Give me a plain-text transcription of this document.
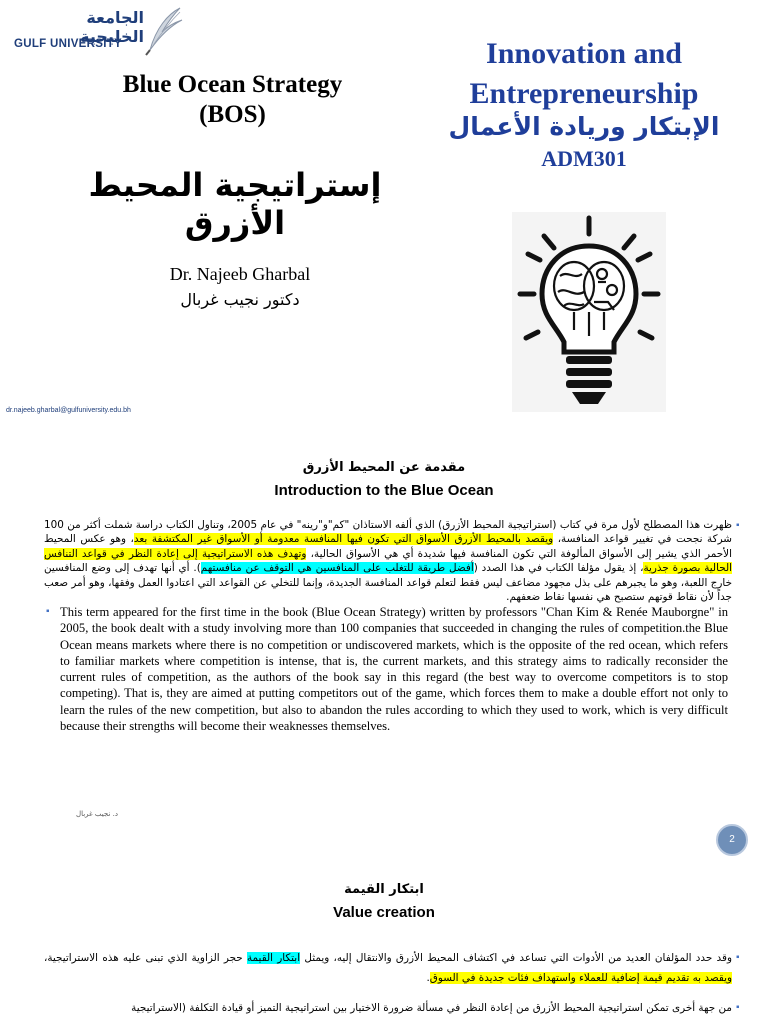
الجامعة الخليجية
GULF UNIVERSITY
Blue Ocean Strategy
(BOS)
إستراتيجية المحيط الأزرق
Dr. Najeeb Gharbal
دكتور نجيب غربال
dr.najeeb.gharbal@gulfuniversity.edu.bh
Innovation and
Entrepreneurship
الإبتكار وريادة الأعمال
ADM301
مقدمة عن المحيط الأزرق
Introduction to the Blue Ocean
▪

ظهرت هذا المصطلح لأول مرة في كتاب (استراتيجية المحيط الأزرق) الذي ألفه الاستاذان "كم"و"رينه" في عام 2005، وتناول الكتاب دراسة شملت أكثر من 100 شركة نجحت في تغيير قواعد المنافسة، ويقصد بالمحيط الأزرق الأسواق التي تكون فيها المنافسة معدومة أو الأسواق غير المكتشفة بعد، وهو عكس المحيط الأحمر الذي يشير إلى الأسواق المألوفة التي تكون المنافسة فيها شديدة أي هي الأسواق الحالية، وتهدف هذه الاستراتيجية إلى إعادة النظر في قواعد التنافس الحالية بصورة جذرية، إذ يقول مؤلفا الكتاب في هذا الصدد (أفضل طريقة للتغلب على المنافسين هي التوقف عن منافستهم). أي أنها تهدف إلى وضع المنافسين خارج اللعبة، وهو ما يجبرهم على بذل مجهود مضاعف ليس فقط لتعلم قواعد المنافسة الجديدة، وإنما للتخلي عن القواعد التي اعتادوا العمل وفقها، وهو أمر صعب جداً لأن نقاط قوتهم ستصبح هي نفسها نقاط ضعفهم.

▪ This term appeared for the first time in the book (Blue Ocean Strategy) written by professors "Chan Kim & Renée Mauborgne" in 2005, the book dealt with a study involving more than 100 companies that succeeded in changing the rules of competition.the Blue Ocean means markets where there is no competition or undiscovered markets, which is the opposite of the red ocean, which refers to familiar markets where competition is intense, that is, the current markets, and this strategy aims to radically reconsider the current rules of competition, as the authors of the book say in this regard (the best way to overcome competitors is to stop competing). That is, they are aimed at putting competitors out of the game, which forces them to make a double effort not only to learn the rules of the new competition, but also to abandon the rules according to which they used to work, which is very difficult because their strengths will become their weaknesses themselves.

د. نجيب غربال
2
ابتكار القيمة
Value creation
▪

وقد حدد المؤلفان العديد من الأدوات التي تساعد في اكتشاف المحيط الأزرق والانتقال إليه، ويمثل ابتكار القيمة حجر الزاوية الذي تبنى عليه هذه الاستراتيجية، ويقصد به تقديم قيمة إضافية للعملاء واستهداف فئات جديدة في السوق.

▪

من جهة أخرى تمكن استراتيجية المحيط الأزرق من إعادة النظر في مسألة ضرورة الاختيار بين استراتيجية التميز أو قيادة التكلفة (الاستراتيجية
